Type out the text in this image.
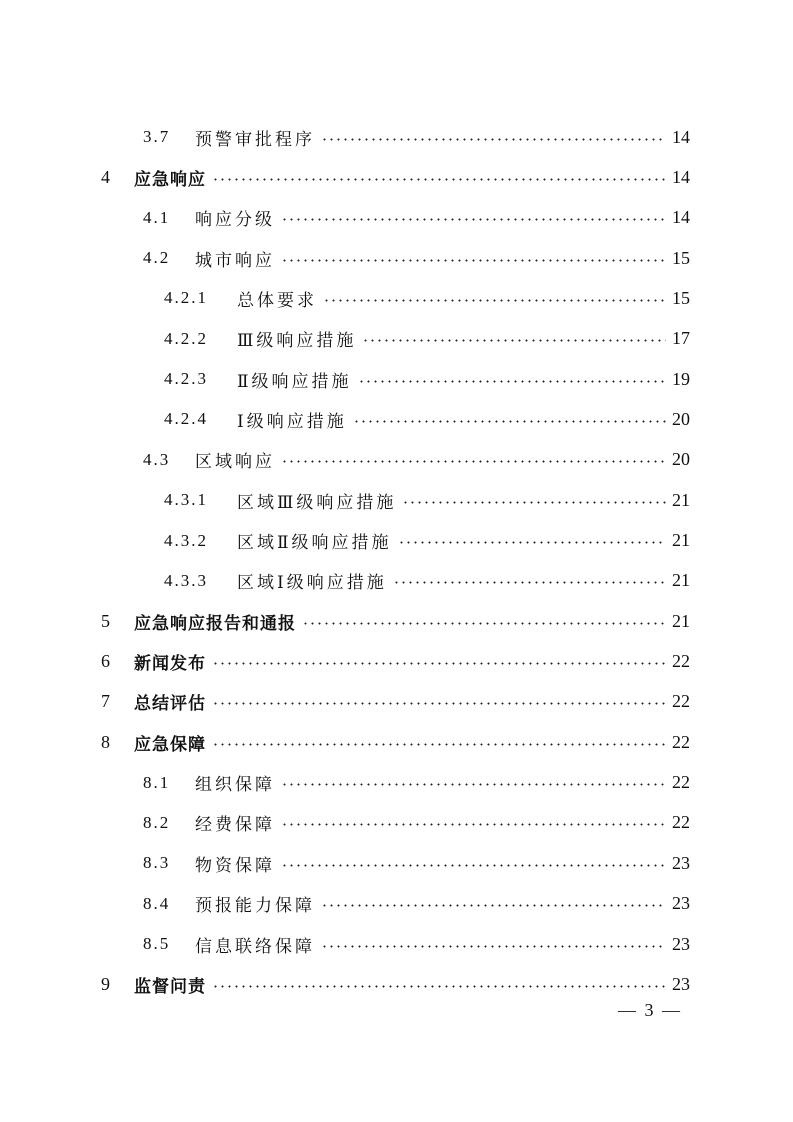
3.7	预警审批程序	14
4	应急响应	14
4.1	响应分级	14
4.2	城市响应	15
4.2.1	总体要求	15
4.2.2	Ⅲ级响应措施	17
4.2.3	Ⅱ级响应措施	19
4.2.4	Ⅰ级响应措施	20
4.3	区域响应	20
4.3.1	区域Ⅲ级响应措施	21
4.3.2	区域Ⅱ级响应措施	21
4.3.3	区域Ⅰ级响应措施	21
5	应急响应报告和通报	21
6	新闻发布	22
7	总结评估	22
8	应急保障	22
8.1	组织保障	22
8.2	经费保障	22
8.3	物资保障	23
8.4	预报能力保障	23
8.5	信息联络保障	23
9	监督问责	23
— 3 —
